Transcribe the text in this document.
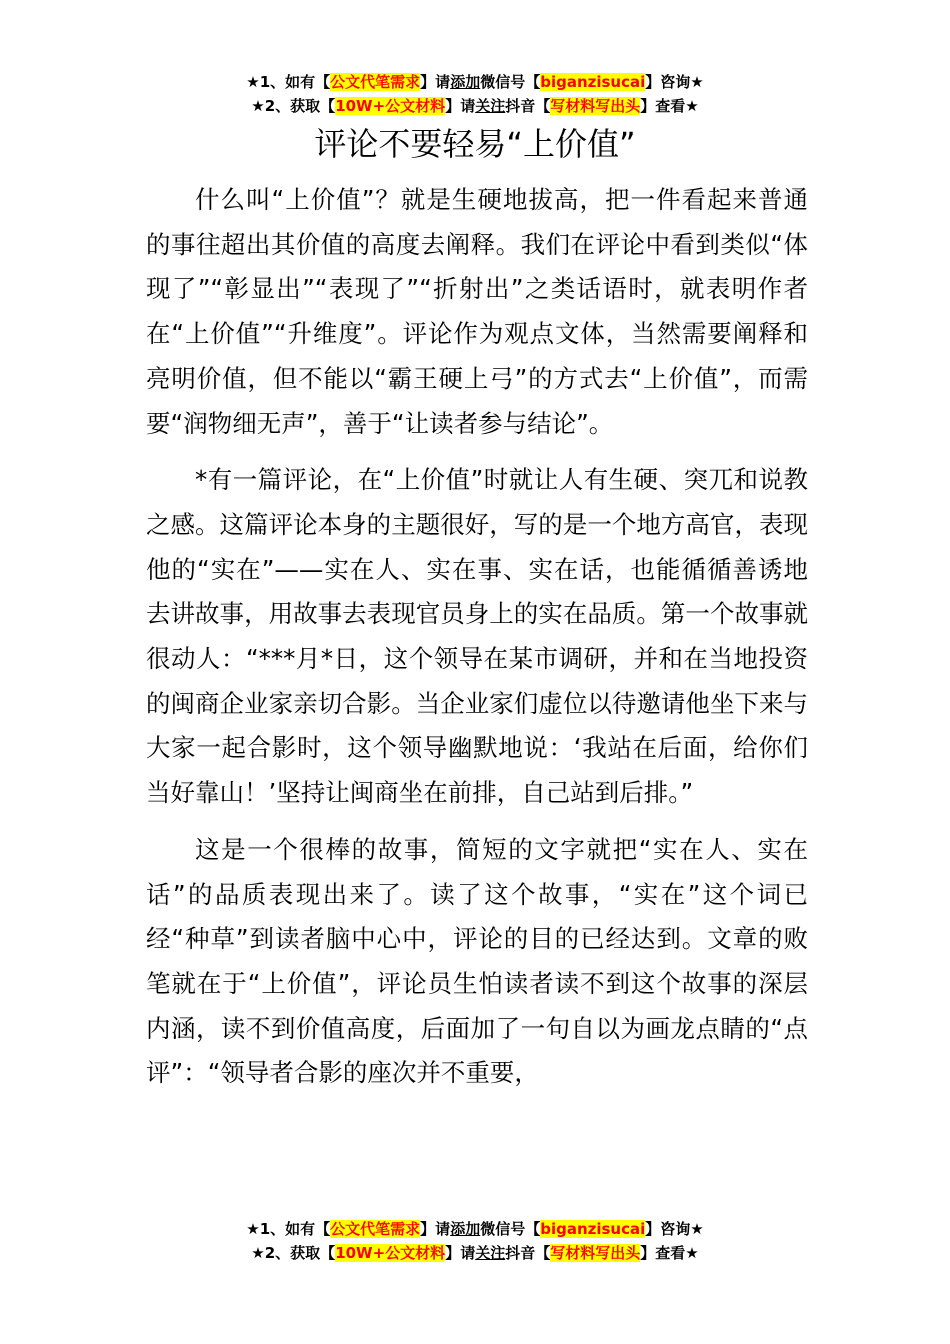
★1、如有【公文代笔需求】请添加微信号【biganzisucai】咨询★
★2、获取【10W+公文材料】请关注抖音【写材料写出头】查看★
评论不要轻易“上价值”

什么叫“上价值”？就是生硬地拔高，把一件看起来普通的事往超出其价值的高度去阐释。我们在评论中看到类似“体现了”“彰显出”“表现了”“折射出”之类话语时，就表明作者在“上价值”“升维度”。评论作为观点文体，当然需要阐释和亮明价值，但不能以“霸王硬上弓”的方式去“上价值”，而需要“润物细无声”，善于“让读者参与结论”。

*有一篇评论，在“上价值”时就让人有生硬、突兀和说教之感。这篇评论本身的主题很好，写的是一个地方高官，表现他的“实在”——实在人、实在事、实在话，也能循循善诱地去讲故事，用故事去表现官员身上的实在品质。第一个故事就很动人：“***月*日，这个领导在某市调研，并和在当地投资的闽商企业家亲切合影。当企业家们虚位以待邀请他坐下来与大家一起合影时，这个领导幽默地说：‘我站在后面，给你们当好靠山！’坚持让闽商坐在前排，自己站到后排。”

这是一个很棒的故事，简短的文字就把“实在人、实在话”的品质表现出来了。读了这个故事，“实在”这个词已经“种草”到读者脑中心中，评论的目的已经达到。文章的败笔就在于“上价值”，评论员生怕读者读不到这个故事的深层内涵，读不到价值高度，后面加了一句自以为画龙点睛的“点评”：“领导者合影的座次并不重要，

★1、如有【公文代笔需求】请添加微信号【biganzisucai】咨询★
★2、获取【10W+公文材料】请关注抖音【写材料写出头】查看★
